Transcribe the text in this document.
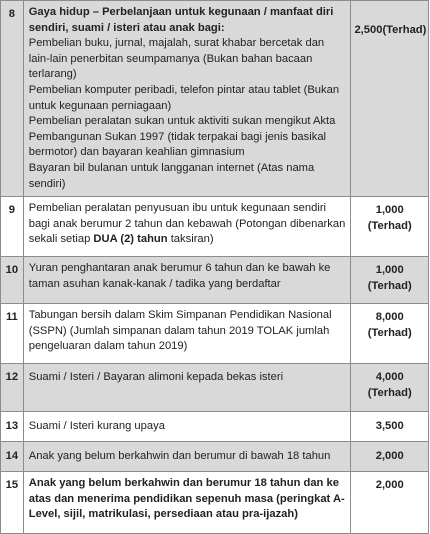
8	Gaya hidup – Perbelanjaan untuk kegunaan / manfaat diri sendiri, suami / isteri atau anak bagi:
Pembelian buku, jurnal, majalah, surat khabar bercetak dan lain-lain penerbitan seumpamanya (Bukan bahan bacaan terlarang)
Pembelian komputer peribadi, telefon pintar atau tablet (Bukan untuk kegunaan perniagaan)
Pembelian peralatan sukan untuk aktiviti sukan mengikut Akta Pembangunan Sukan 1997 (tidak terpakai bagi jenis basikal bermotor) dan bayaran keahlian gimnasium
Bayaran bil bulanan untuk langganan internet (Atas nama sendiri)	2,500(Terhad)
9	Pembelian peralatan penyusuan ibu untuk kegunaan sendiri bagi anak berumur 2 tahun dan kebawah (Potongan dibenarkan sekali setiap DUA (2) tahun taksiran)	1,000
(Terhad)

10	Yuran penghantaran anak berumur 6 tahun dan ke bawah ke taman asuhan kanak-kanak / tadika yang berdaftar	1,000
(Terhad)

11	Tabungan bersih dalam Skim Simpanan Pendidikan Nasional (SSPN) (Jumlah simpanan dalam tahun 2019 TOLAK jumlah pengeluaran dalam tahun 2019)	8,000
(Terhad)

12	Suami / Isteri / Bayaran alimoni kepada bekas isteri	4,000
(Terhad)

13	Suami / Isteri kurang upaya	3,500
14	Anak yang belum berkahwin dan berumur di bawah 18 tahun	2,000
15	Anak yang belum berkahwin dan berumur 18 tahun dan ke atas dan menerima pendidikan sepenuh masa (peringkat A-Level, sijil, matrikulasi, persediaan atau pra-ijazah)	2,000
